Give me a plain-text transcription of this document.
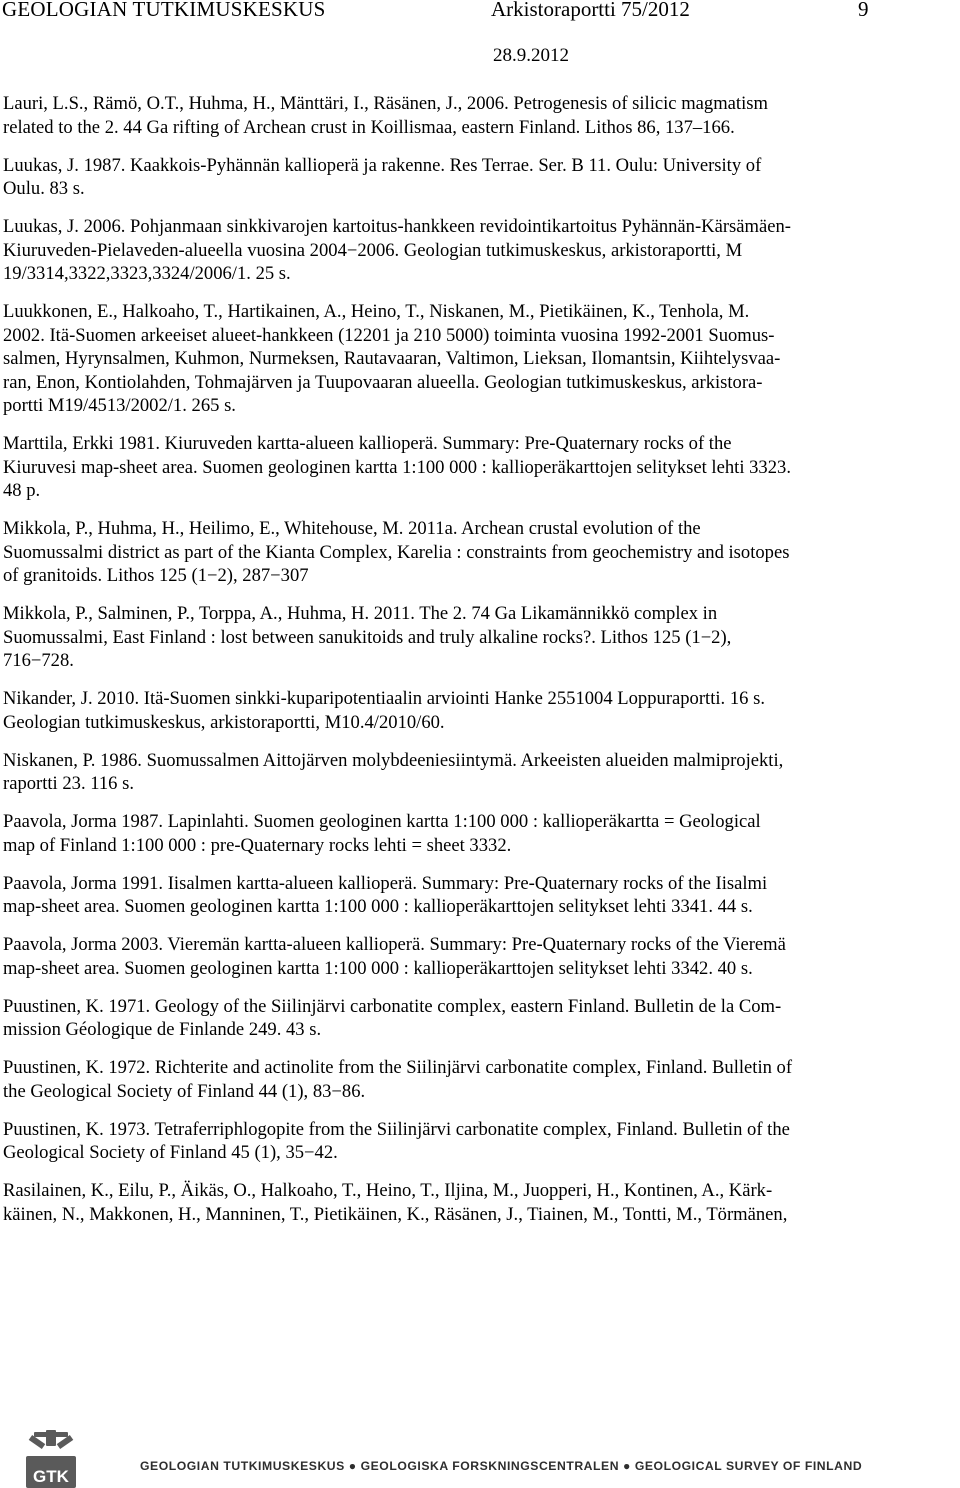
GEOLOGIAN TUTKIMUSKESKUS	Arkistoraportti 75/2012	9
28.9.2012

Lauri, L.S., Rämö, O.T., Huhma, H., Mänttäri, I., Räsänen, J., 2006. Petrogenesis of silicic magmatism
related to the 2. 44 Ga rifting of Archean crust in Koillismaa, eastern Finland. Lithos 86, 137‒166.

Luukas, J. 1987. Kaakkois-Pyhännän kallioperä ja rakenne. Res Terrae. Ser. B 11. Oulu: University of
Oulu. 83 s.

Luukas, J. 2006. Pohjanmaan sinkkivarojen kartoitus-hankkeen revidointikartoitus Pyhännän-Kärsämäen-
Kiuruveden-Pielaveden-alueella vuosina 2004−2006. Geologian tutkimuskeskus, arkistoraportti, M
19/3314,3322,3323,3324/2006/1. 25 s.

Luukkonen, E., Halkoaho, T., Hartikainen, A., Heino, T., Niskanen, M., Pietikäinen, K., Tenhola, M.
2002. Itä-Suomen arkeeiset alueet-hankkeen (12201 ja 210 5000) toiminta vuosina 1992-2001 Suomus-
salmen, Hyrynsalmen, Kuhmon, Nurmeksen, Rautavaaran, Valtimon, Lieksan, Ilomantsin, Kiihtelysvaa-
ran, Enon, Kontiolahden, Tohmajärven ja Tuupovaaran alueella. Geologian tutkimuskeskus, arkistora-
portti M19/4513/2002/1. 265 s.

Marttila, Erkki 1981. Kiuruveden kartta-alueen kallioperä. Summary: Pre-Quaternary rocks of the
Kiuruvesi map-sheet area. Suomen geologinen kartta 1:100 000 : kallioperäkarttojen selitykset lehti 3323.
48 p.

Mikkola, P., Huhma, H., Heilimo, E., Whitehouse, M. 2011a. Archean crustal evolution of the
Suomussalmi district as part of the Kianta Complex, Karelia : constraints from geochemistry and isotopes
of granitoids. Lithos 125 (1−2), 287−307

Mikkola, P., Salminen, P., Torppa, A., Huhma, H. 2011. The 2. 74 Ga Likamännikkö complex in
Suomussalmi, East Finland : lost between sanukitoids and truly alkaline rocks?. Lithos 125 (1−2),
716−728.

Nikander, J. 2010. Itä-Suomen sinkki-kuparipotentiaalin arviointi Hanke 2551004 Loppuraportti. 16 s.
Geologian tutkimuskeskus, arkistoraportti, M10.4/2010/60.

Niskanen, P. 1986. Suomussalmen Aittojärven molybdeeniesiintymä. Arkeeisten alueiden malmiprojekti,
raportti 23. 116 s.

Paavola, Jorma 1987. Lapinlahti. Suomen geologinen kartta 1:100 000 : kallioperäkartta = Geological
map of Finland 1:100 000 : pre-Quaternary rocks lehti = sheet 3332.

Paavola, Jorma 1991. Iisalmen kartta-alueen kallioperä. Summary: Pre-Quaternary rocks of the Iisalmi
map-sheet area. Suomen geologinen kartta 1:100 000 : kallioperäkarttojen selitykset lehti 3341. 44 s.

Paavola, Jorma 2003. Vieremän kartta-alueen kallioperä. Summary: Pre-Quaternary rocks of the Vieremä
map-sheet area. Suomen geologinen kartta 1:100 000 : kallioperäkarttojen selitykset lehti 3342. 40 s.

Puustinen, K. 1971. Geology of the Siilinjärvi carbonatite complex, eastern Finland. Bulletin de la Com-
mission Géologique de Finlande 249. 43 s.

Puustinen, K. 1972. Richterite and actinolite from the Siilinjärvi carbonatite complex, Finland. Bulletin of
the Geological Society of Finland 44 (1), 83−86.

Puustinen, K. 1973. Tetraferriphlogopite from the Siilinjärvi carbonatite complex, Finland. Bulletin of the
Geological Society of Finland 45 (1), 35−42.

Rasilainen, K., Eilu, P., Äikäs, O., Halkoaho, T., Heino, T., Iljina, M., Juopperi, H., Kontinen, A., Kärk-
käinen, N., Makkonen, H., Manninen, T., Pietikäinen, K., Räsänen, J., Tiainen, M., Tontti, M., Törmänen,

GTK
GEOLOGIAN TUTKIMUSKESKUS ● GEOLOGISKA FORSKNINGSCENTRALEN ● GEOLOGICAL SURVEY OF FINLAND
